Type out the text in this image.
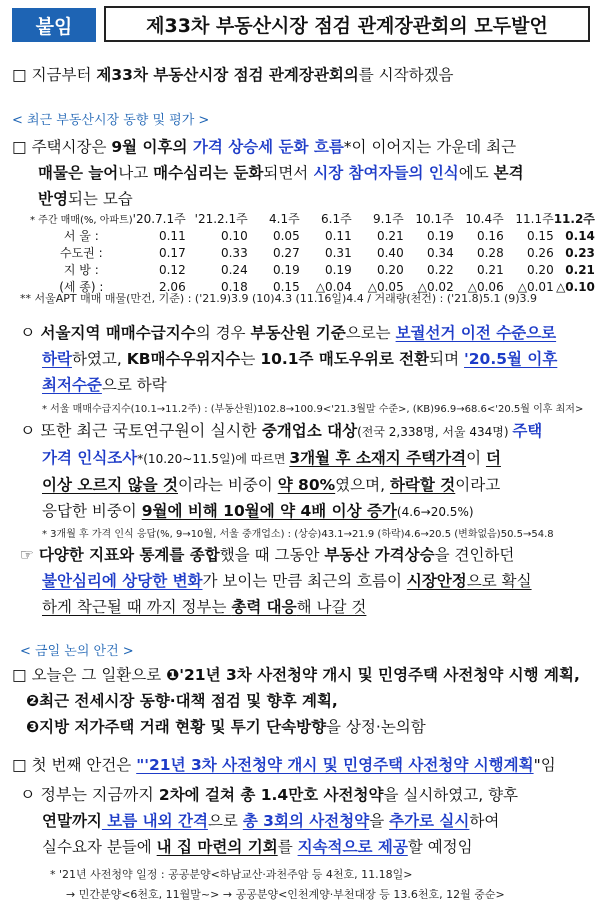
붙임	제33차 부동산시장 점검 관계장관회의 모두발언
□ 지금부터 제33차 부동산시장 점검 관계장관회의를 시작하겠음
< 최근 부동산시장 동향 및 평가 >
□ 주택시장은 9월 이후의 가격 상승세 둔화 흐름*이 이어지는 가운데 최근
매물은 늘어나고 매수심리는 둔화되면서 시장 참여자들의 인식에도 본격
반영되는 모습
* 주간 매매(%, 아파트)	'20.7.1주	'21.2.1주	4.1주	6.1주	9.1주	10.1주	10.4주	11.1주	11.2주
서 울 :	0.11	0.10	0.05	0.11	0.21	0.19	0.16	0.15	0.14
수도권 :	0.17	0.33	0.27	0.31	0.40	0.34	0.28	0.26	0.23
지 방 :	0.12	0.24	0.19	0.19	0.20	0.22	0.21	0.20	0.21
(세 종) :	2.06	0.18	0.15	△0.04	△0.05	△0.02	△0.06	△0.01	△0.10
** 서울APT 매매 매물(만건, 기준) : ('21.9)3.9 (10)4.3 (11.16일)4.4 / 거래량(천건) : ('21.8)5.1 (9)3.9
ㅇ 서울지역 매매수급지수의 경우 부동산원 기준으로는 보궐선거 이전 수준으로
하락하였고, KB매수우위지수는 10.1주 매도우위로 전환되며 '20.5월 이후
최저수준으로 하락
* 서울 매매수급지수(10.1→11.2주) : (부동산원)102.8→100.9<'21.3월말 수준>, (KB)96.9→68.6<'20.5월 이후 최저>
ㅇ 또한 최근 국토연구원이 실시한 중개업소 대상(전국 2,338명, 서울 434명) 주택
가격 인식조사*(10.20~11.5일)에 따르면 3개월 후 소재지 주택가격이 더
이상 오르지 않을 것이라는 비중이 약 80%였으며, 하락할 것이라고
응답한 비중이 9월에 비해 10월에 약 4배 이상 증가(4.6→20.5%)
* 3개월 후 가격 인식 응답(%, 9→10월, 서울 중개업소) : (상승)43.1→21.9 (하락)4.6→20.5 (변화없음)50.5→54.8
☞ 다양한 지표와 통계를 종합했을 때 그동안 부동산 가격상승을 견인하던
불안심리에 상당한 변화가 보이는 만큼 최근의 흐름이 시장안정으로 확실
하게 착근될 때 까지 정부는 총력 대응해 나갈 것
< 금일 논의 안건 >
□ 오늘은 그 일환으로 ❶'21년 3차 사전청약 개시 및 민영주택 사전청약 시행 계획,
❷최근 전세시장 동향·대책 점검 및 향후 계획,
❸지방 저가주택 거래 현황 및 투기 단속방향을 상정·논의함
□ 첫 번째 안건은 "'21년 3차 사전청약 개시 및 민영주택 사전청약 시행계획"임
ㅇ 정부는 지금까지 2차에 걸쳐 총 1.4만호 사전청약을 실시하였고, 향후
연말까지 보름 내외 간격으로 총 3회의 사전청약을 추가로 실시하여
실수요자 분들에 내 집 마련의 기회를 지속적으로 제공할 예정임
* '21년 사전청약 일정 : 공공분양<하남교산·과천주암 등 4천호, 11.18일>
→ 민간분양<6천호, 11월말~> → 공공분양<인천계양·부천대장 등 13.6천호, 12월 중순>
